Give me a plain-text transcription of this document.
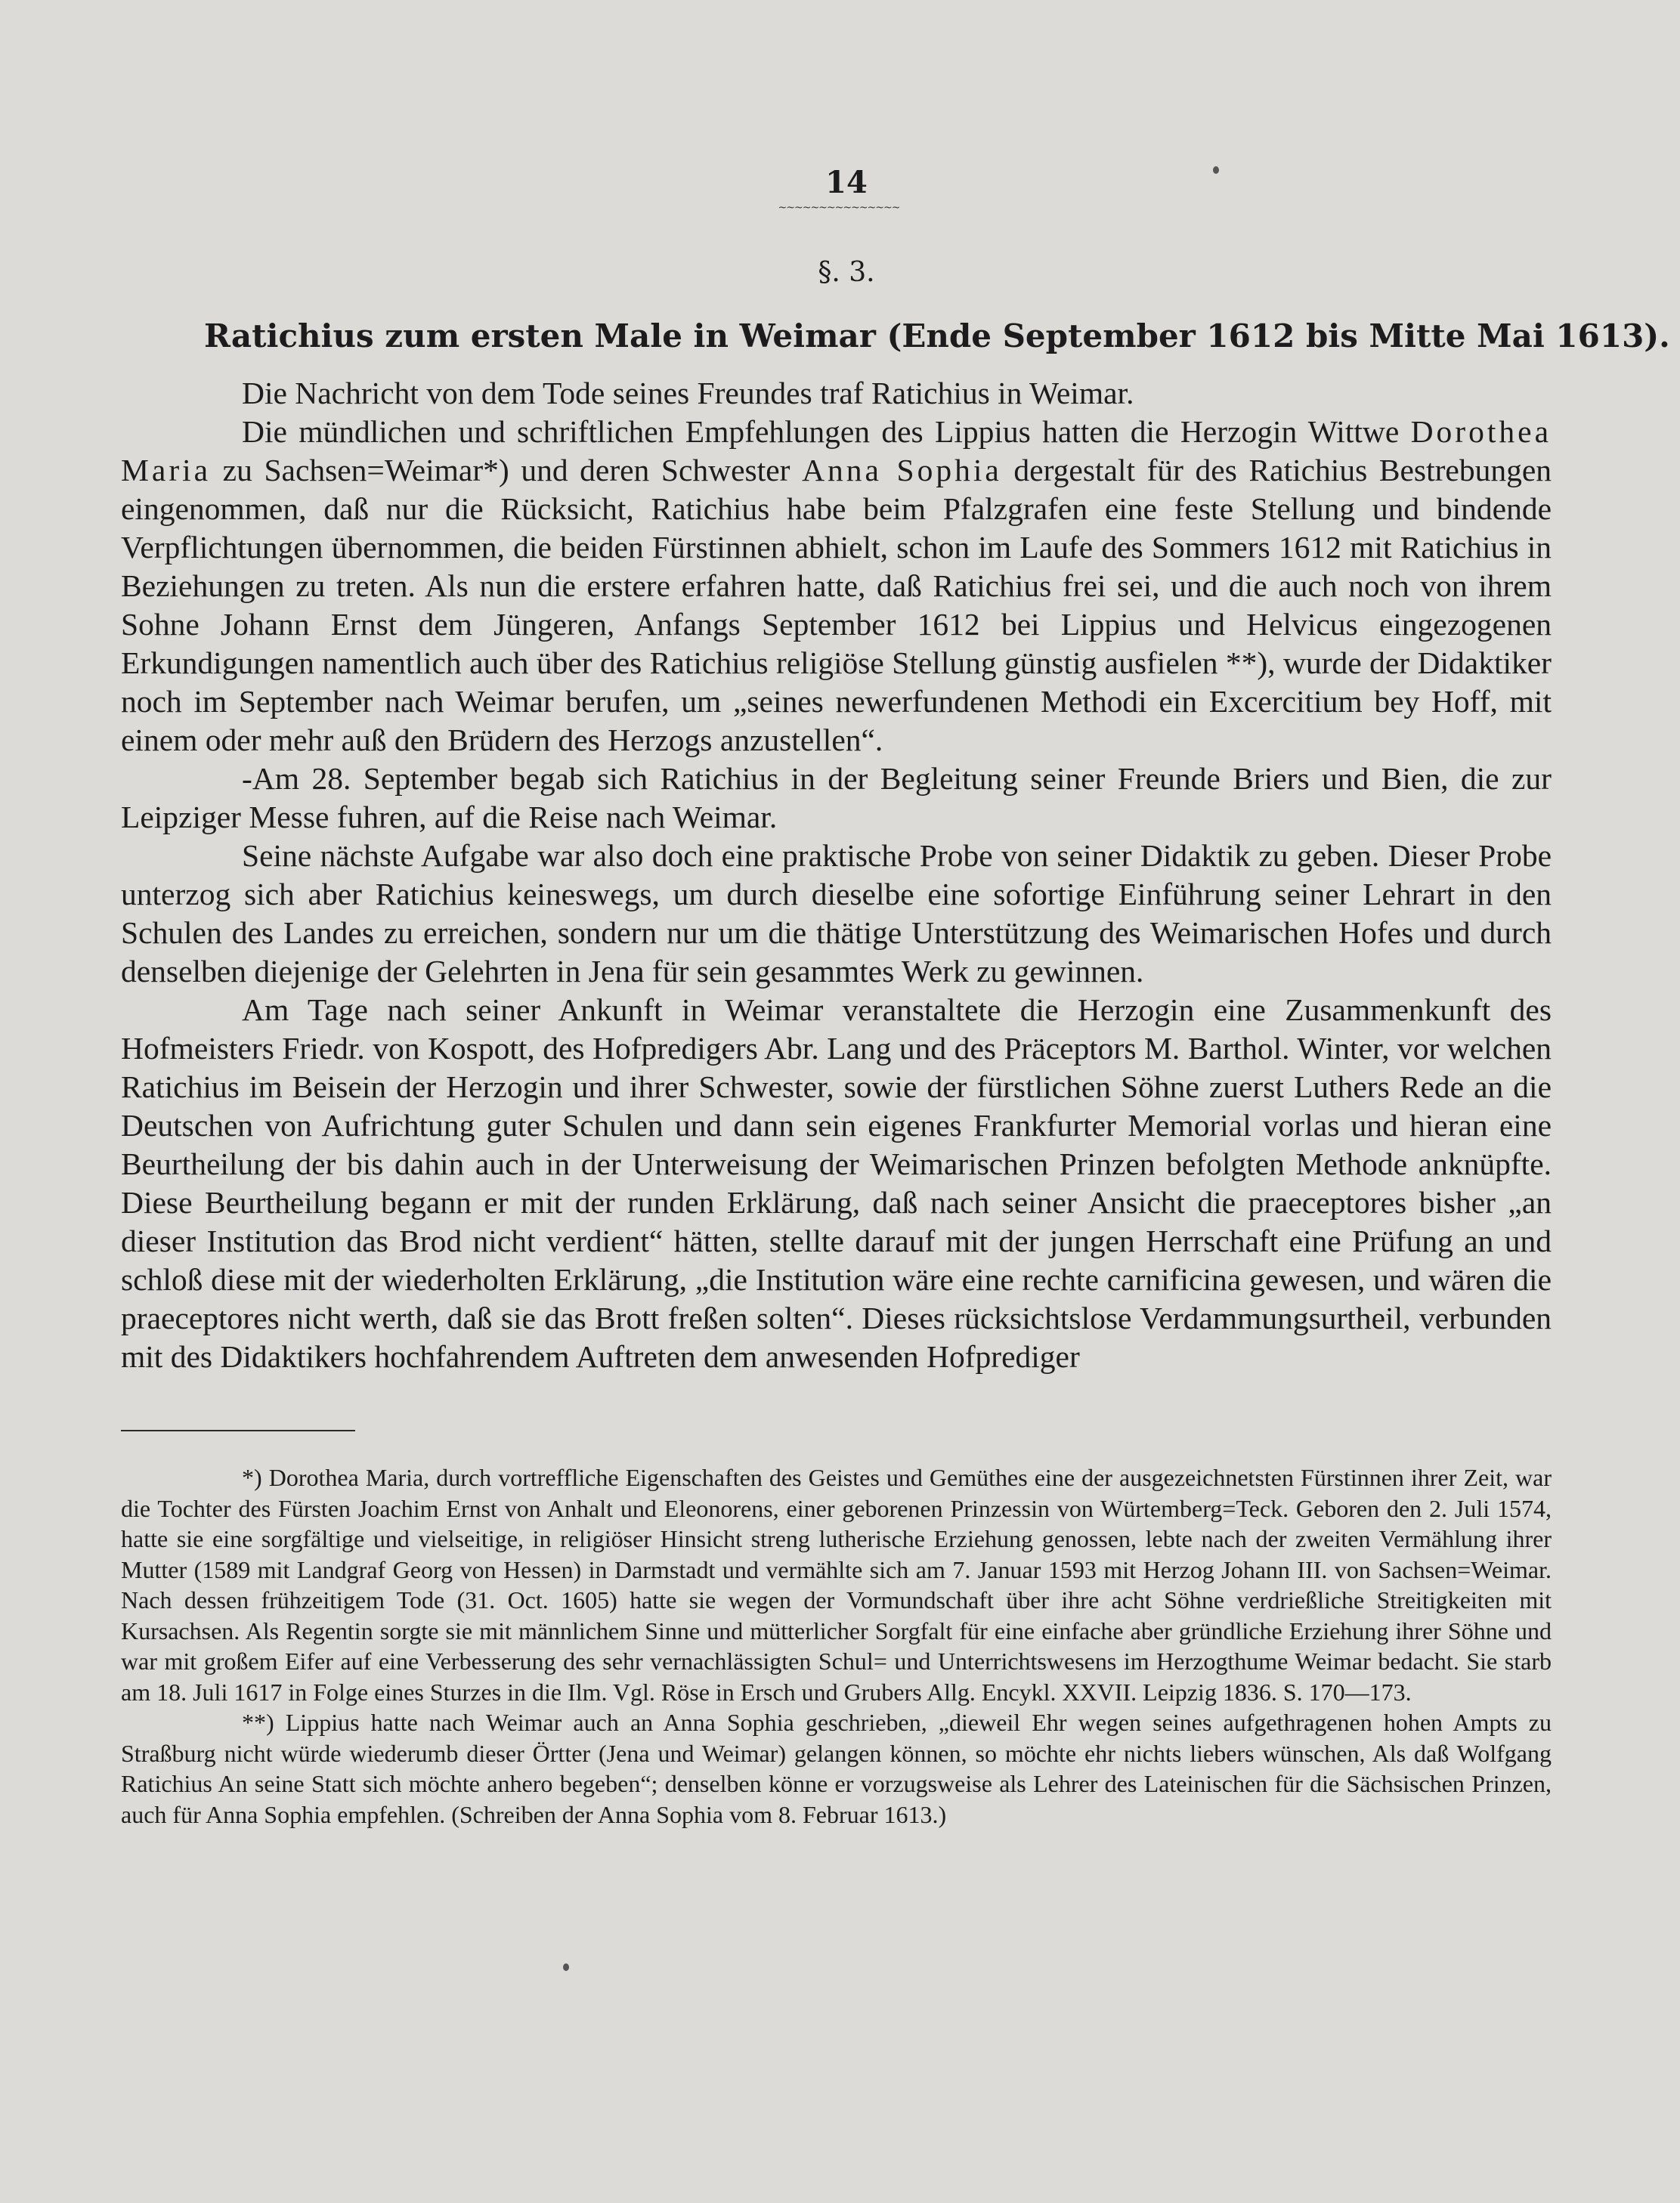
14
~~~~~~~~~~~~~~~
§. 3.
Ratichius zum ersten Male in Weimar (Ende September 1612 bis Mitte Mai 1613).

Die Nachricht von dem Tode seines Freundes traf Ratichius in Weimar.

Die mündlichen und schriftlichen Empfehlungen des Lippius hatten die Herzogin Wittwe Dorothea Maria zu Sachsen=Weimar*) und deren Schwester Anna Sophia dergestalt für des Ratichius Bestrebungen eingenommen, daß nur die Rücksicht, Ratichius habe beim Pfalzgrafen eine feste Stellung und bindende Verpflichtungen übernommen, die beiden Fürstinnen abhielt, schon im Laufe des Sommers 1612 mit Ratichius in Beziehungen zu treten. Als nun die erstere erfahren hatte, daß Ratichius frei sei, und die auch noch von ihrem Sohne Johann Ernst dem Jüngeren, Anfangs September 1612 bei Lippius und Helvicus eingezogenen Erkundigungen namentlich auch über des Ratichius religiöse Stellung günstig ausfielen **), wurde der Didaktiker noch im September nach Weimar berufen, um „seines newerfundenen Methodi ein Excercitium bey Hoff, mit einem oder mehr auß den Brüdern des Herzogs anzustellen“.

-Am 28. September begab sich Ratichius in der Begleitung seiner Freunde Briers und Bien, die zur Leipziger Messe fuhren, auf die Reise nach Weimar.

Seine nächste Aufgabe war also doch eine praktische Probe von seiner Didaktik zu geben. Dieser Probe unterzog sich aber Ratichius keineswegs, um durch dieselbe eine sofortige Einführung seiner Lehrart in den Schulen des Landes zu erreichen, sondern nur um die thätige Unterstützung des Weimarischen Hofes und durch denselben diejenige der Gelehrten in Jena für sein gesammtes Werk zu gewinnen.

Am Tage nach seiner Ankunft in Weimar veranstaltete die Herzogin eine Zusammenkunft des Hofmeisters Friedr. von Kospott, des Hofpredigers Abr. Lang und des Präceptors M. Barthol. Winter, vor welchen Ratichius im Beisein der Herzogin und ihrer Schwester, sowie der fürstlichen Söhne zuerst Luthers Rede an die Deutschen von Aufrichtung guter Schulen und dann sein eigenes Frankfurter Memorial vorlas und hieran eine Beurtheilung der bis dahin auch in der Unterweisung der Weimarischen Prinzen befolgten Methode anknüpfte. Diese Beurtheilung begann er mit der runden Erklärung, daß nach seiner Ansicht die praeceptores bisher „an dieser Institution das Brod nicht verdient“ hätten, stellte darauf mit der jungen Herrschaft eine Prüfung an und schloß diese mit der wiederholten Erklärung, „die Institution wäre eine rechte carnificina gewesen, und wären die praeceptores nicht werth, daß sie das Brott freßen solten“. Dieses rücksichtslose Verdammungsurtheil, verbunden mit des Didaktikers hochfahrendem Auftreten dem anwesenden Hofprediger

*) Dorothea Maria, durch vortreffliche Eigenschaften des Geistes und Gemüthes eine der ausgezeichnetsten Fürstinnen ihrer Zeit, war die Tochter des Fürsten Joachim Ernst von Anhalt und Eleonorens, einer geborenen Prinzessin von Würtemberg=Teck. Geboren den 2. Juli 1574, hatte sie eine sorgfältige und vielseitige, in religiöser Hinsicht streng lutherische Erziehung genossen, lebte nach der zweiten Vermählung ihrer Mutter (1589 mit Landgraf Georg von Hessen) in Darmstadt und vermählte sich am 7. Januar 1593 mit Herzog Johann III. von Sachsen=Weimar. Nach dessen frühzeitigem Tode (31. Oct. 1605) hatte sie wegen der Vormundschaft über ihre acht Söhne verdrießliche Streitigkeiten mit Kursachsen. Als Regentin sorgte sie mit männlichem Sinne und mütterlicher Sorgfalt für eine einfache aber gründliche Erziehung ihrer Söhne und war mit großem Eifer auf eine Verbesserung des sehr vernachlässigten Schul= und Unterrichtswesens im Herzogthume Weimar bedacht. Sie starb am 18. Juli 1617 in Folge eines Sturzes in die Ilm. Vgl. Röse in Ersch und Grubers Allg. Encykl. XXVII. Leipzig 1836. S. 170—173.

**) Lippius hatte nach Weimar auch an Anna Sophia geschrieben, „dieweil Ehr wegen seines aufgethragenen hohen Ampts zu Straßburg nicht würde wiederumb dieser Örtter (Jena und Weimar) gelangen können, so möchte ehr nichts liebers wünschen, Als daß Wolfgang Ratichius An seine Statt sich möchte anhero begeben“; denselben könne er vorzugsweise als Lehrer des Lateinischen für die Sächsischen Prinzen, auch für Anna Sophia empfehlen. (Schreiben der Anna Sophia vom 8. Februar 1613.)
